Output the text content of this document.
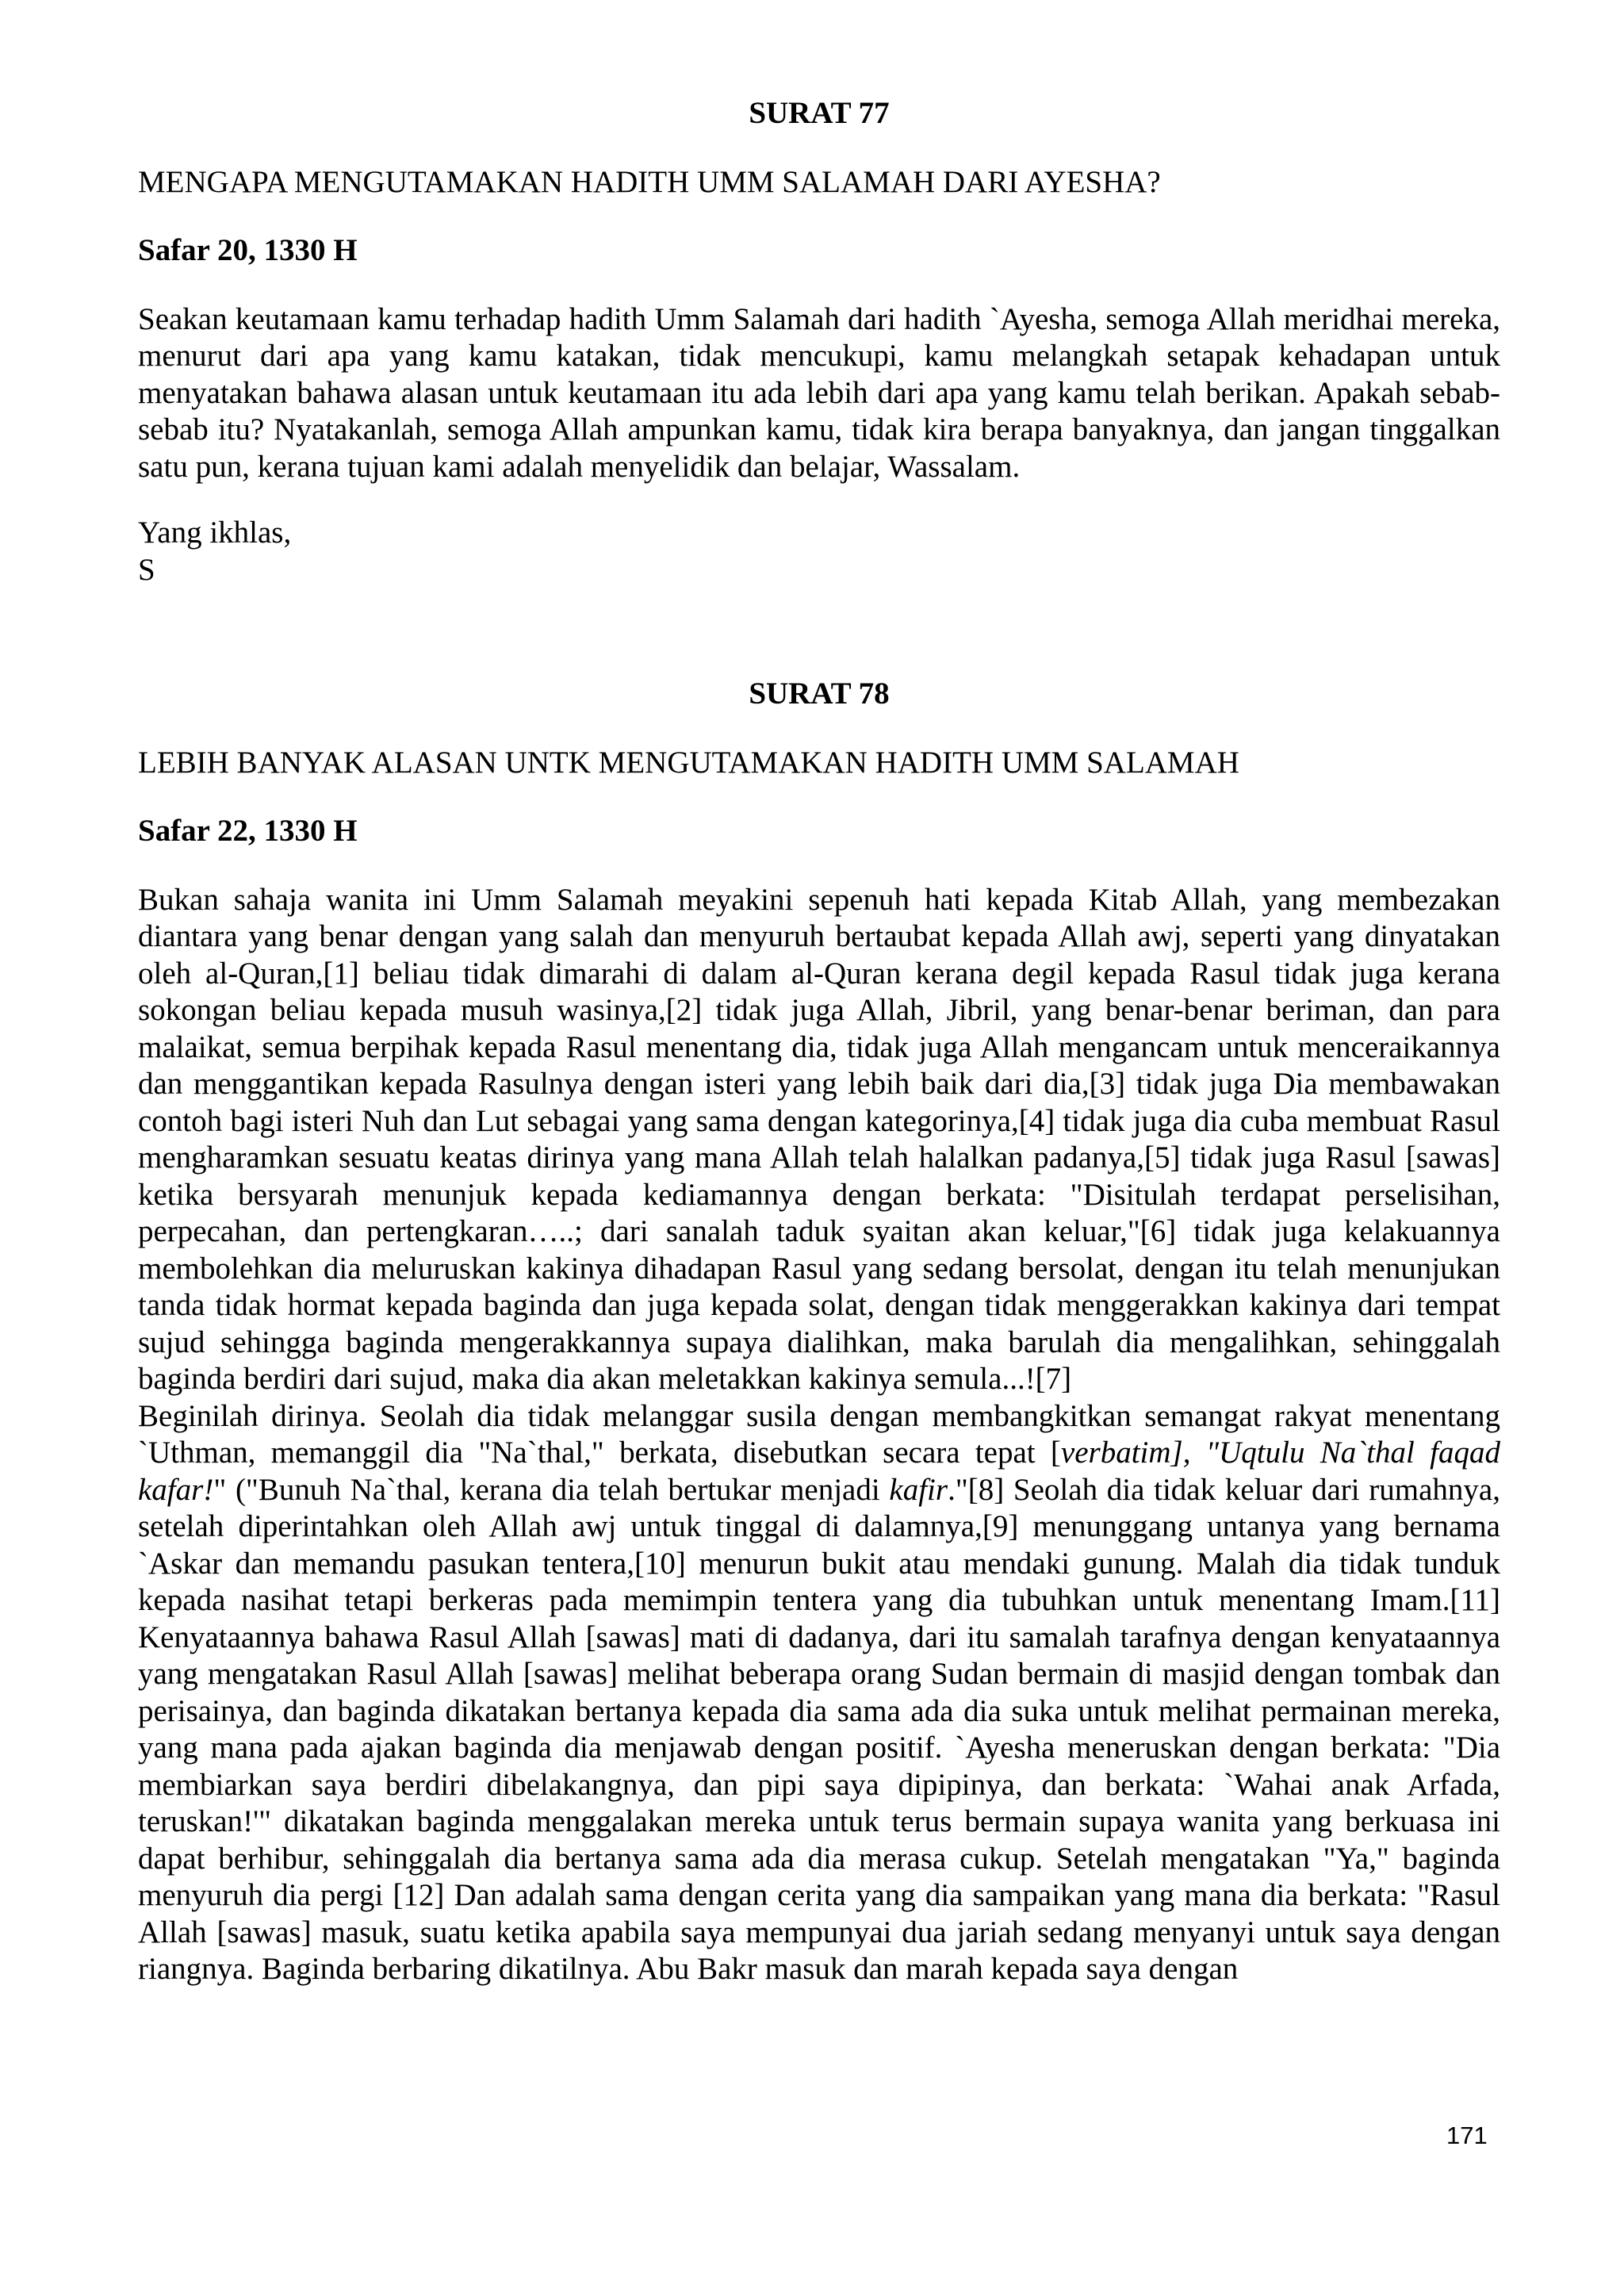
SURAT 77

MENGAPA MENGUTAMAKAN HADITH UMM SALAMAH DARI AYESHA?

Safar 20, 1330 H

Seakan keutamaan kamu terhadap hadith Umm Salamah dari hadith `Ayesha, semoga Allah meridhai mereka, menurut dari apa yang kamu katakan, tidak mencukupi, kamu melangkah setapak kehadapan untuk menyatakan bahawa alasan untuk keutamaan itu ada lebih dari apa yang kamu telah berikan. Apakah sebab-sebab itu? Nyatakanlah, semoga Allah ampunkan kamu, tidak kira berapa banyaknya, dan jangan tinggalkan satu pun, kerana tujuan kami adalah menyelidik dan belajar, Wassalam.

Yang ikhlas,

S

SURAT 78

LEBIH BANYAK ALASAN UNTK MENGUTAMAKAN HADITH UMM SALAMAH

Safar 22, 1330 H

Bukan sahaja wanita ini Umm Salamah meyakini sepenuh hati kepada Kitab Allah, yang membezakan diantara yang benar dengan yang salah dan menyuruh bertaubat kepada Allah awj, seperti yang dinyatakan oleh al-Quran,[1] beliau tidak dimarahi di dalam al-Quran kerana degil kepada Rasul tidak juga kerana sokongan beliau kepada musuh wasinya,[2] tidak juga Allah, Jibril, yang benar-benar beriman, dan para malaikat, semua berpihak kepada Rasul menentang dia, tidak juga Allah mengancam untuk menceraikannya dan menggantikan kepada Rasulnya dengan isteri yang lebih baik dari dia,[3] tidak juga Dia membawakan contoh bagi isteri Nuh dan Lut sebagai yang sama dengan kategorinya,[4] tidak juga dia cuba membuat Rasul mengharamkan sesuatu keatas dirinya yang mana Allah telah halalkan padanya,[5] tidak juga Rasul [sawas] ketika bersyarah menunjuk kepada kediamannya dengan berkata: "Disitulah terdapat perselisihan, perpecahan, dan pertengkaran…..; dari sanalah taduk syaitan akan keluar,"[6] tidak juga kelakuannya membolehkan dia meluruskan kakinya dihadapan Rasul yang sedang bersolat, dengan itu telah menunjukan tanda tidak hormat kepada baginda dan juga kepada solat, dengan tidak menggerakkan kakinya dari tempat sujud sehingga baginda mengerakkannya supaya dialihkan, maka barulah dia mengalihkan, sehinggalah baginda berdiri dari sujud, maka dia akan meletakkan kakinya semula...![7]

Beginilah dirinya. Seolah dia tidak melanggar susila dengan membangkitkan semangat rakyat menentang `Uthman, memanggil dia "Na`thal," berkata, disebutkan secara tepat [verbatim], "Uqtulu Na`thal faqad kafar!" ("Bunuh Na`thal, kerana dia telah bertukar menjadi kafir."[8] Seolah dia tidak keluar dari rumahnya, setelah diperintahkan oleh Allah awj untuk tinggal di dalamnya,[9] menunggang untanya yang bernama `Askar dan memandu pasukan tentera,[10] menurun bukit atau mendaki gunung. Malah dia tidak tunduk kepada nasihat tetapi berkeras pada memimpin tentera yang dia tubuhkan untuk menentang Imam.[11] Kenyataannya bahawa Rasul Allah [sawas] mati di dadanya, dari itu samalah tarafnya dengan kenyataannya yang mengatakan Rasul Allah [sawas] melihat beberapa orang Sudan bermain di masjid dengan tombak dan perisainya, dan baginda dikatakan bertanya kepada dia sama ada dia suka untuk melihat permainan mereka, yang mana pada ajakan baginda dia menjawab dengan positif. `Ayesha meneruskan dengan berkata: "Dia membiarkan saya berdiri dibelakangnya, dan pipi saya dipipinya, dan berkata: `Wahai anak Arfada, teruskan!'" dikatakan baginda menggalakan mereka untuk terus bermain supaya wanita yang berkuasa ini dapat berhibur, sehinggalah dia bertanya sama ada dia merasa cukup. Setelah mengatakan "Ya," baginda menyuruh dia pergi [12] Dan adalah sama dengan cerita yang dia sampaikan yang mana dia berkata: "Rasul Allah [sawas] masuk, suatu ketika apabila saya mempunyai dua jariah sedang menyanyi untuk saya dengan riangnya. Baginda berbaring dikatilnya. Abu Bakr masuk dan marah kepada saya dengan

171
